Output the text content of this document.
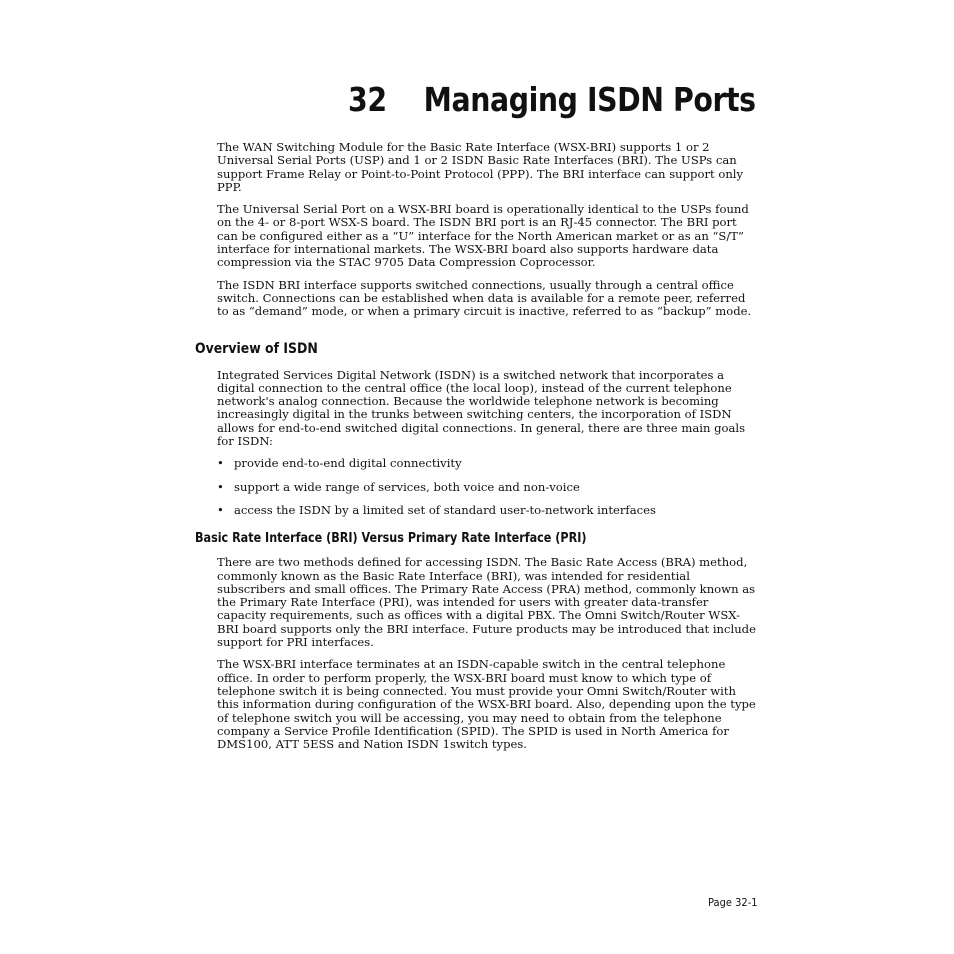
32 Managing ISDN Ports

The WAN Switching Module for the Basic Rate Interface (WSX-BRI) supports 1 or 2 Universal Serial Ports (USP) and 1 or 2 ISDN Basic Rate Interfaces (BRI). The USPs can support Frame Relay or Point-to-Point Protocol (PPP). The BRI interface can support only PPP.

The Universal Serial Port on a WSX-BRI board is operationally identical to the USPs found on the 4- or 8-port WSX-S board. The ISDN BRI port is an RJ-45 connector. The BRI port can be configured either as a “U” interface for the North American market or as an “S/T” interface for international markets. The WSX-BRI board also supports hardware data compression via the STAC 9705 Data Compression Coprocessor.

The ISDN BRI interface supports switched connections, usually through a central office switch. Connections can be established when data is available for a remote peer, referred to as “demand” mode, or when a primary circuit is inactive, referred to as “backup” mode.

Overview of ISDN

Integrated Services Digital Network (ISDN) is a switched network that incorporates a digital connection to the central office (the local loop), instead of the current telephone network's analog connection. Because the worldwide telephone network is becoming increasingly digital in the trunks between switching centers, the incorporation of ISDN allows for end-to-end switched digital connections. In general, there are three main goals for ISDN:

• provide end-to-end digital connectivity
• support a wide range of services, both voice and non-voice
• access the ISDN by a limited set of standard user-to-network interfaces
Basic Rate Interface (BRI) Versus Primary Rate Interface (PRI)

There are two methods defined for accessing ISDN. The Basic Rate Access (BRA) method, commonly known as the Basic Rate Interface (BRI), was intended for residential subscribers and small offices. The Primary Rate Access (PRA) method, commonly known as the Primary Rate Interface (PRI), was intended for users with greater data-transfer capacity requirements, such as offices with a digital PBX. The Omni Switch/Router WSX-BRI board supports only the BRI interface. Future products may be introduced that include support for PRI interfaces.

The WSX-BRI interface terminates at an ISDN-capable switch in the central telephone office. In order to perform properly, the WSX-BRI board must know to which type of telephone switch it is being connected. You must provide your Omni Switch/Router with this information during configuration of the WSX-BRI board. Also, depending upon the type of telephone switch you will be accessing, you may need to obtain from the telephone company a Service Profile Identification (SPID). The SPID is used in North America for DMS100, ATT 5ESS and Nation ISDN 1switch types.

Page 32-1
